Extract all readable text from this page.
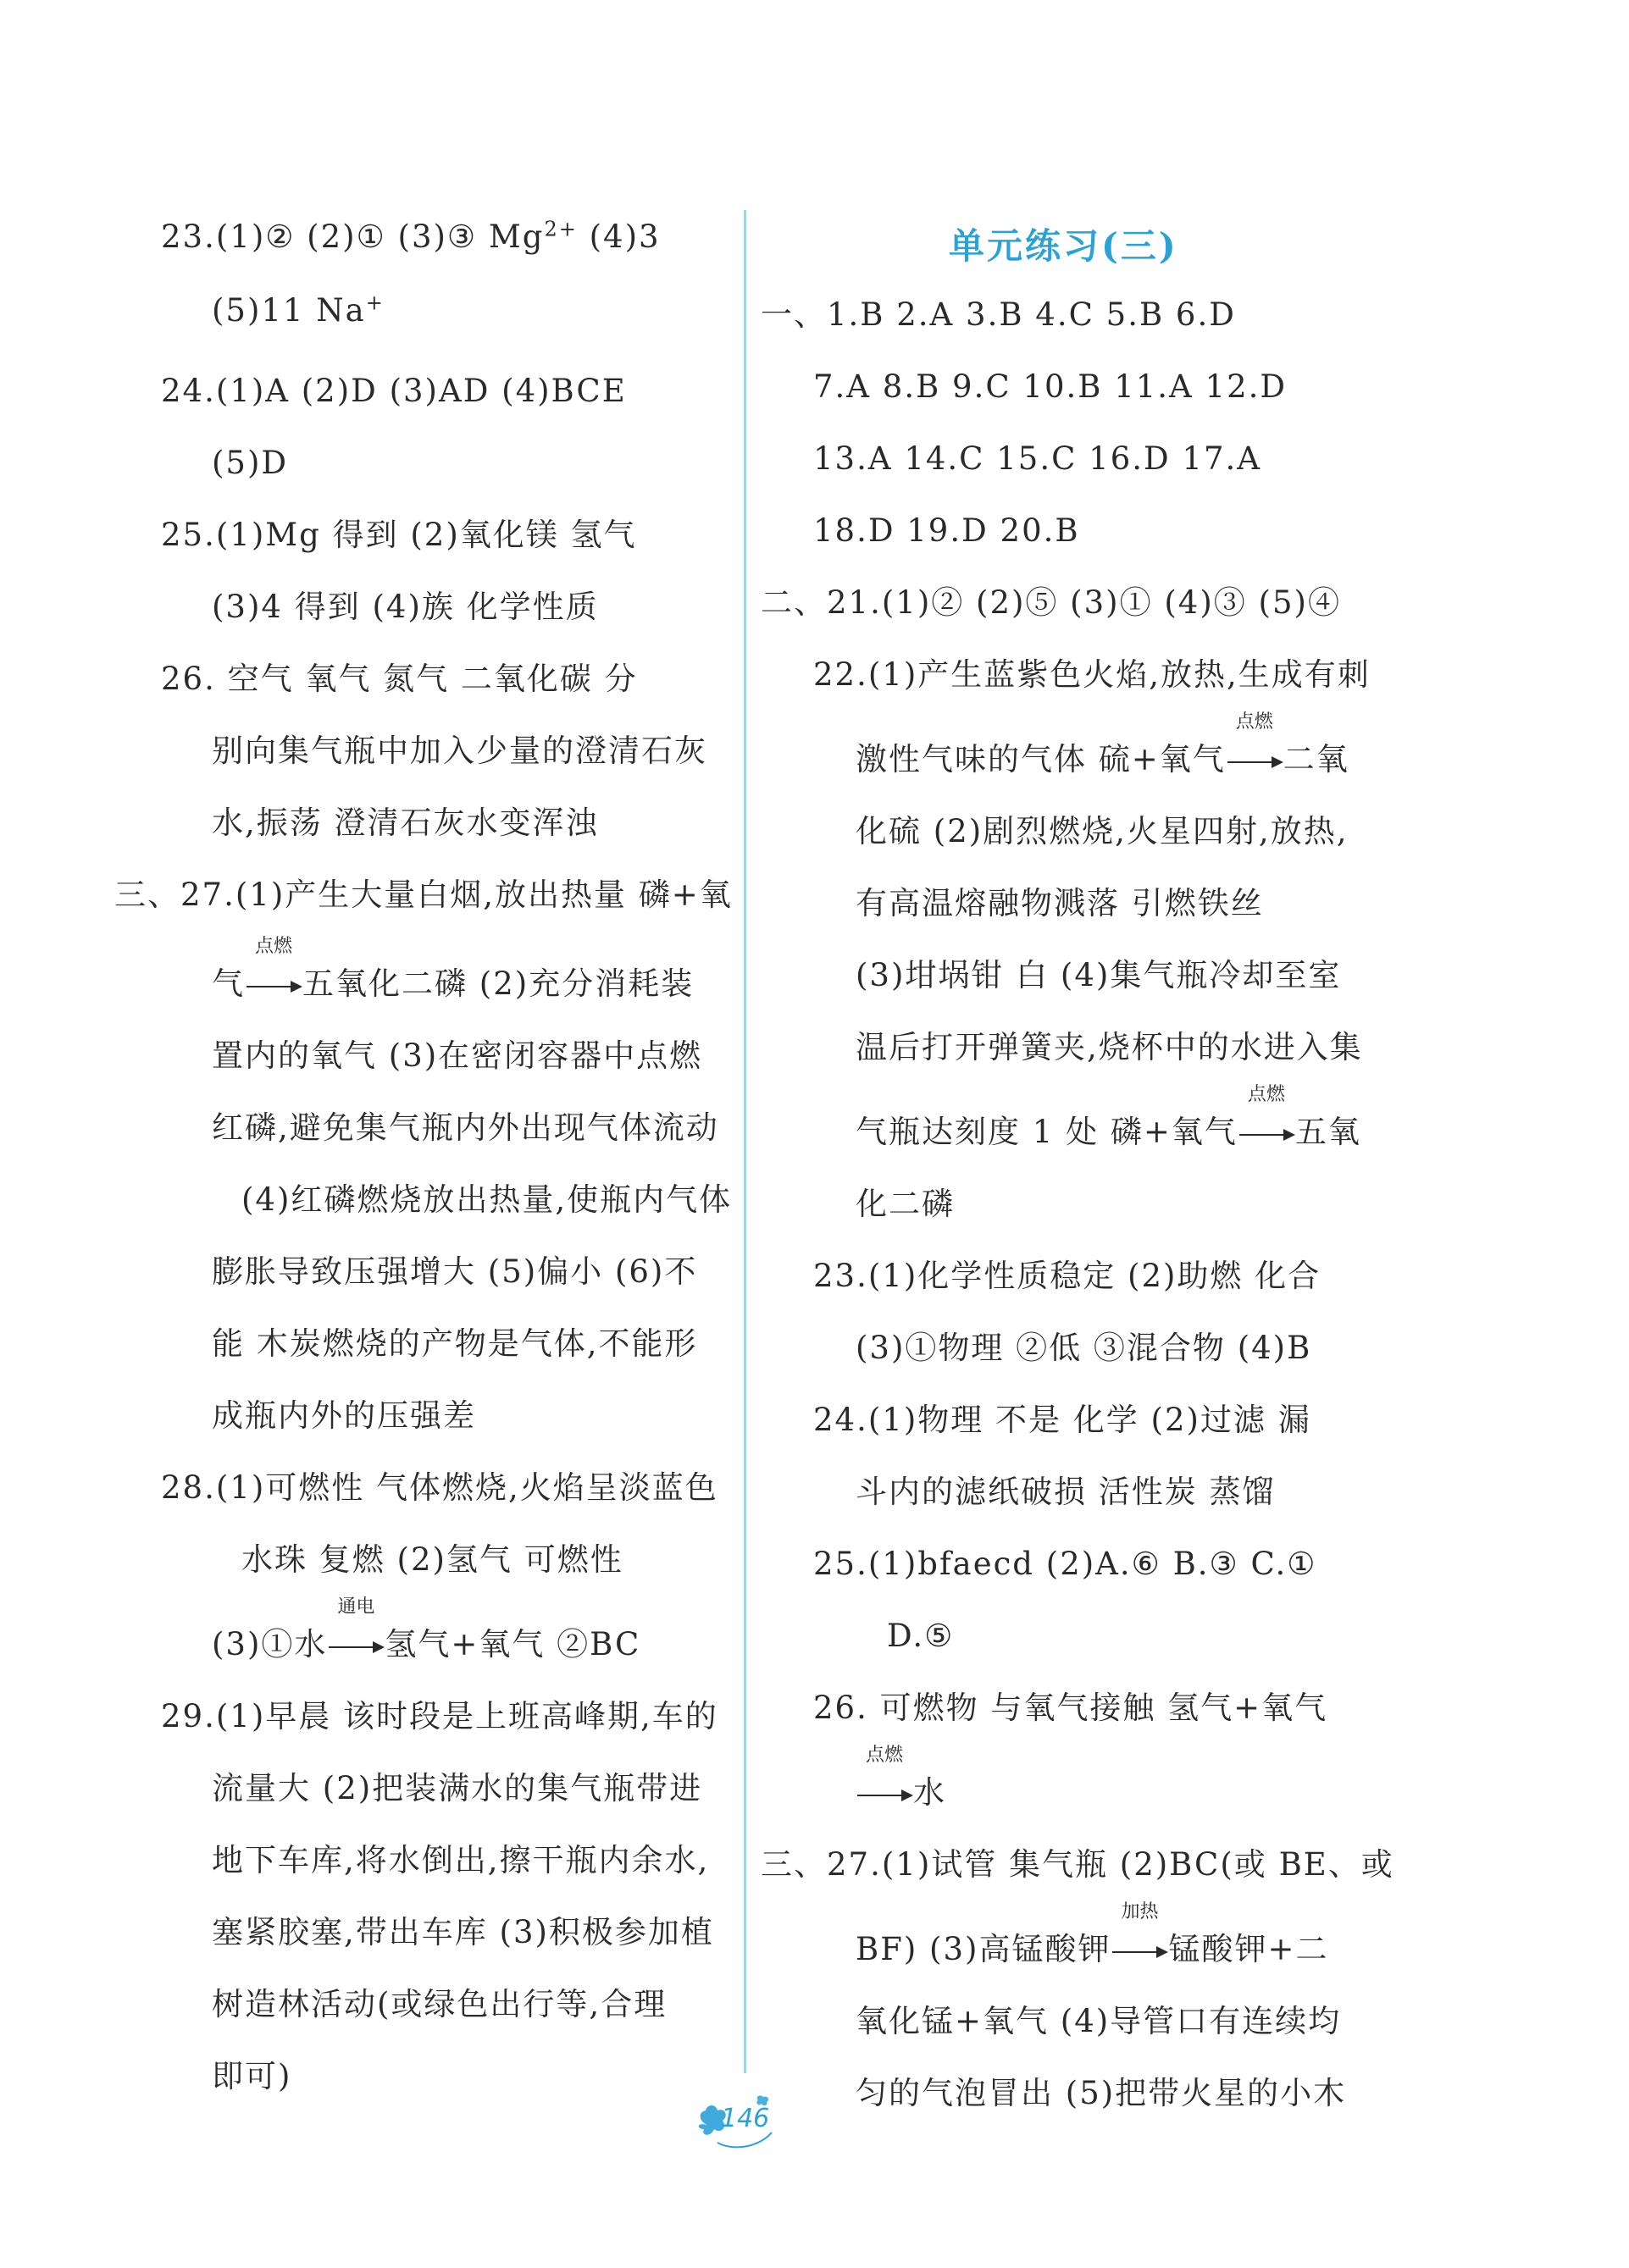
23.(1)② (2)① (3)③ $Mg^{2+}$ (4)3
(5)11 Na+
24.(1)A (2)D (3)AD (4)BCE
(5)D
25.(1)Mg 得到 (2)氧化镁 氢气
(3)4 得到 (4)族 化学性质
26. 空气 氧气 氮气 二氧化碳 分
别向集气瓶中加入少量的澄清石灰
水,振荡 澄清石灰水变浑浊
三、27.(1)产生大量白烟,放出热量 磷+氧
气
点燃
五氧化二磷 (2)充分消耗装
置内的氧气 (3)在密闭容器中点燃
红磷,避免集气瓶内外出现气体流动
(4)红磷燃烧放出热量,使瓶内气体
膨胀导致压强增大 (5)偏小 (6)不
能 木炭燃烧的产物是气体,不能形
成瓶内外的压强差
28.(1)可燃性 气体燃烧,火焰呈淡蓝色
水珠 复燃 (2)氢气 可燃性
(3)①水
通电
氢气+氧气 ②BC
29.(1)早晨 该时段是上班高峰期,车的
流量大 (2)把装满水的集气瓶带进
地下车库,将水倒出,擦干瓶内余水,
塞紧胶塞,带出车库 (3)积极参加植
树造林活动(或绿色出行等,合理
即可)
单元练习(三)
一、1.B 2.A 3.B 4.C 5.B 6.D
7.A 8.B 9.C 10.B 11.A 12.D
13.A 14.C 15.C 16.D 17.A
18.D 19.D 20.B
二、21.(1)② (2)⑤ (3)① (4)③ (5)④
22.(1)产生蓝紫色火焰,放热,生成有刺
激性气味的气体 硫+氧气
点燃
二氧
化硫 (2)剧烈燃烧,火星四射,放热,
有高温熔融物溅落 引燃铁丝
(3)坩埚钳 白 (4)集气瓶冷却至室
温后打开弹簧夹,烧杯中的水进入集
气瓶达刻度 1 处 磷+氧气
点燃
五氧
化二磷
23.(1)化学性质稳定 (2)助燃 化合
(3)①物理 ②低 ③混合物 (4)B
24.(1)物理 不是 化学 (2)过滤 漏
斗内的滤纸破损 活性炭 蒸馏
25.(1)bfaecd (2)A.⑥ B.③ C.①
D.⑤
26. 可燃物 与氧气接触 氢气+氧气
点燃
水
三、27.(1)试管 集气瓶 (2)BC(或 BE、或
BF) (3)高锰酸钾
加热
锰酸钾+二
氧化锰+氧气 (4)导管口有连续均
匀的气泡冒出 (5)把带火星的小木
146
